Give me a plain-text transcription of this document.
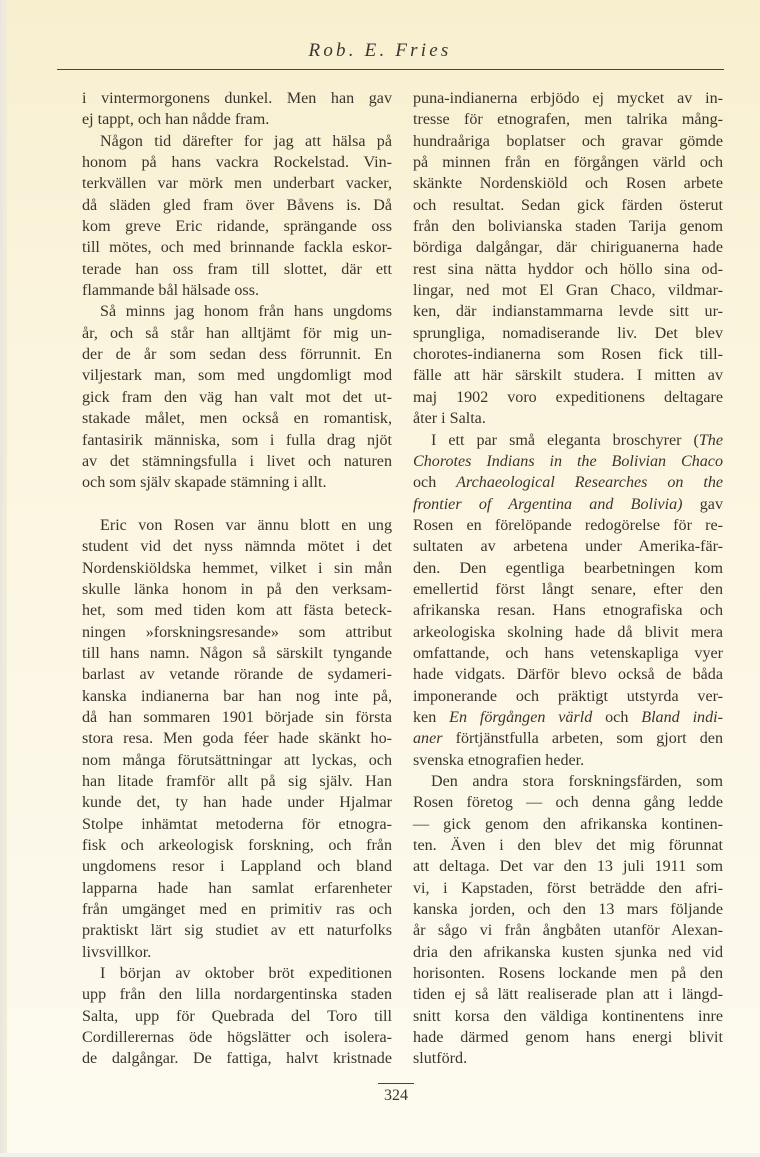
Rob. E. Fries
i vintermorgonens dunkel. Men han gav
ej tappt, och han nådde fram.
Någon tid därefter for jag att hälsa på
honom på hans vackra Rockelstad. Vin-
terkvällen var mörk men underbart vacker,
då släden gled fram över Båvens is. Då
kom greve Eric ridande, sprängande oss
till mötes, och med brinnande fackla eskor-
terade han oss fram till slottet, där ett
flammande bål hälsade oss.
Så minns jag honom från hans ungdoms
år, och så står han alltjämt för mig un-
der de år som sedan dess förrunnit. En
viljestark man, som med ungdomligt mod
gick fram den väg han valt mot det ut-
stakade målet, men också en romantisk,
fantasirik människa, som i fulla drag njöt
av det stämningsfulla i livet och naturen
och som själv skapade stämning i allt.
Eric von Rosen var ännu blott en ung
student vid det nyss nämnda mötet i det
Nordenskiöldska hemmet, vilket i sin mån
skulle länka honom in på den verksam-
het, som med tiden kom att fästa beteck-
ningen »forskningsresande» som attribut
till hans namn. Någon så särskilt tyngande
barlast av vetande rörande de sydameri-
kanska indianerna bar han nog inte på,
då han sommaren 1901 började sin första
stora resa. Men goda féer hade skänkt ho-
nom många förutsättningar att lyckas, och
han litade framför allt på sig själv. Han
kunde det, ty han hade under Hjalmar
Stolpe inhämtat metoderna för etnogra-
fisk och arkeologisk forskning, och från
ungdomens resor i Lappland och bland
lapparna hade han samlat erfarenheter
från umgänget med en primitiv ras och
praktiskt lärt sig studiet av ett naturfolks
livsvillkor.
I början av oktober bröt expeditionen
upp från den lilla nordargentinska staden
Salta, upp för Quebrada del Toro till
Cordillerernas öde högslätter och isolera-
de dalgångar. De fattiga, halvt kristnade
puna-indianerna erbjödo ej mycket av in-
tresse för etnografen, men talrika mång-
hundraåriga boplatser och gravar gömde
på minnen från en förgången värld och
skänkte Nordenskiöld och Rosen arbete
och resultat. Sedan gick färden österut
från den bolivianska staden Tarija genom
bördiga dalgångar, där chiriguanerna hade
rest sina nätta hyddor och höllo sina od-
lingar, ned mot El Gran Chaco, vildmar-
ken, där indianstammarna levde sitt ur-
sprungliga, nomadiserande liv. Det blev
chorotes-indianerna som Rosen fick till-
fälle att här särskilt studera. I mitten av
maj 1902 voro expeditionens deltagare
åter i Salta.
I ett par små eleganta broschyrer (The
Chorotes Indians in the Bolivian Chaco
och Archaeological Researches on the
frontier of Argentina and Bolivia) gav
Rosen en förelöpande redogörelse för re-
sultaten av arbetena under Amerika-fär-
den. Den egentliga bearbetningen kom
emellertid först långt senare, efter den
afrikanska resan. Hans etnografiska och
arkeologiska skolning hade då blivit mera
omfattande, och hans vetenskapliga vyer
hade vidgats. Därför blevo också de båda
imponerande och präktigt utstyrda ver-
ken En förgången värld och Bland indi-
aner förtjänstfulla arbeten, som gjort den
svenska etnografien heder.
Den andra stora forskningsfärden, som
Rosen företog — och denna gång ledde
— gick genom den afrikanska kontinen-
ten. Även i den blev det mig förunnat
att deltaga. Det var den 13 juli 1911 som
vi, i Kapstaden, först beträdde den afri-
kanska jorden, och den 13 mars följande
år sågo vi från ångbåten utanför Alexan-
dria den afrikanska kusten sjunka ned vid
horisonten. Rosens lockande men på den
tiden ej så lätt realiserade plan att i längd-
snitt korsa den väldiga kontinentens inre
hade därmed genom hans energi blivit
slutförd.
324
